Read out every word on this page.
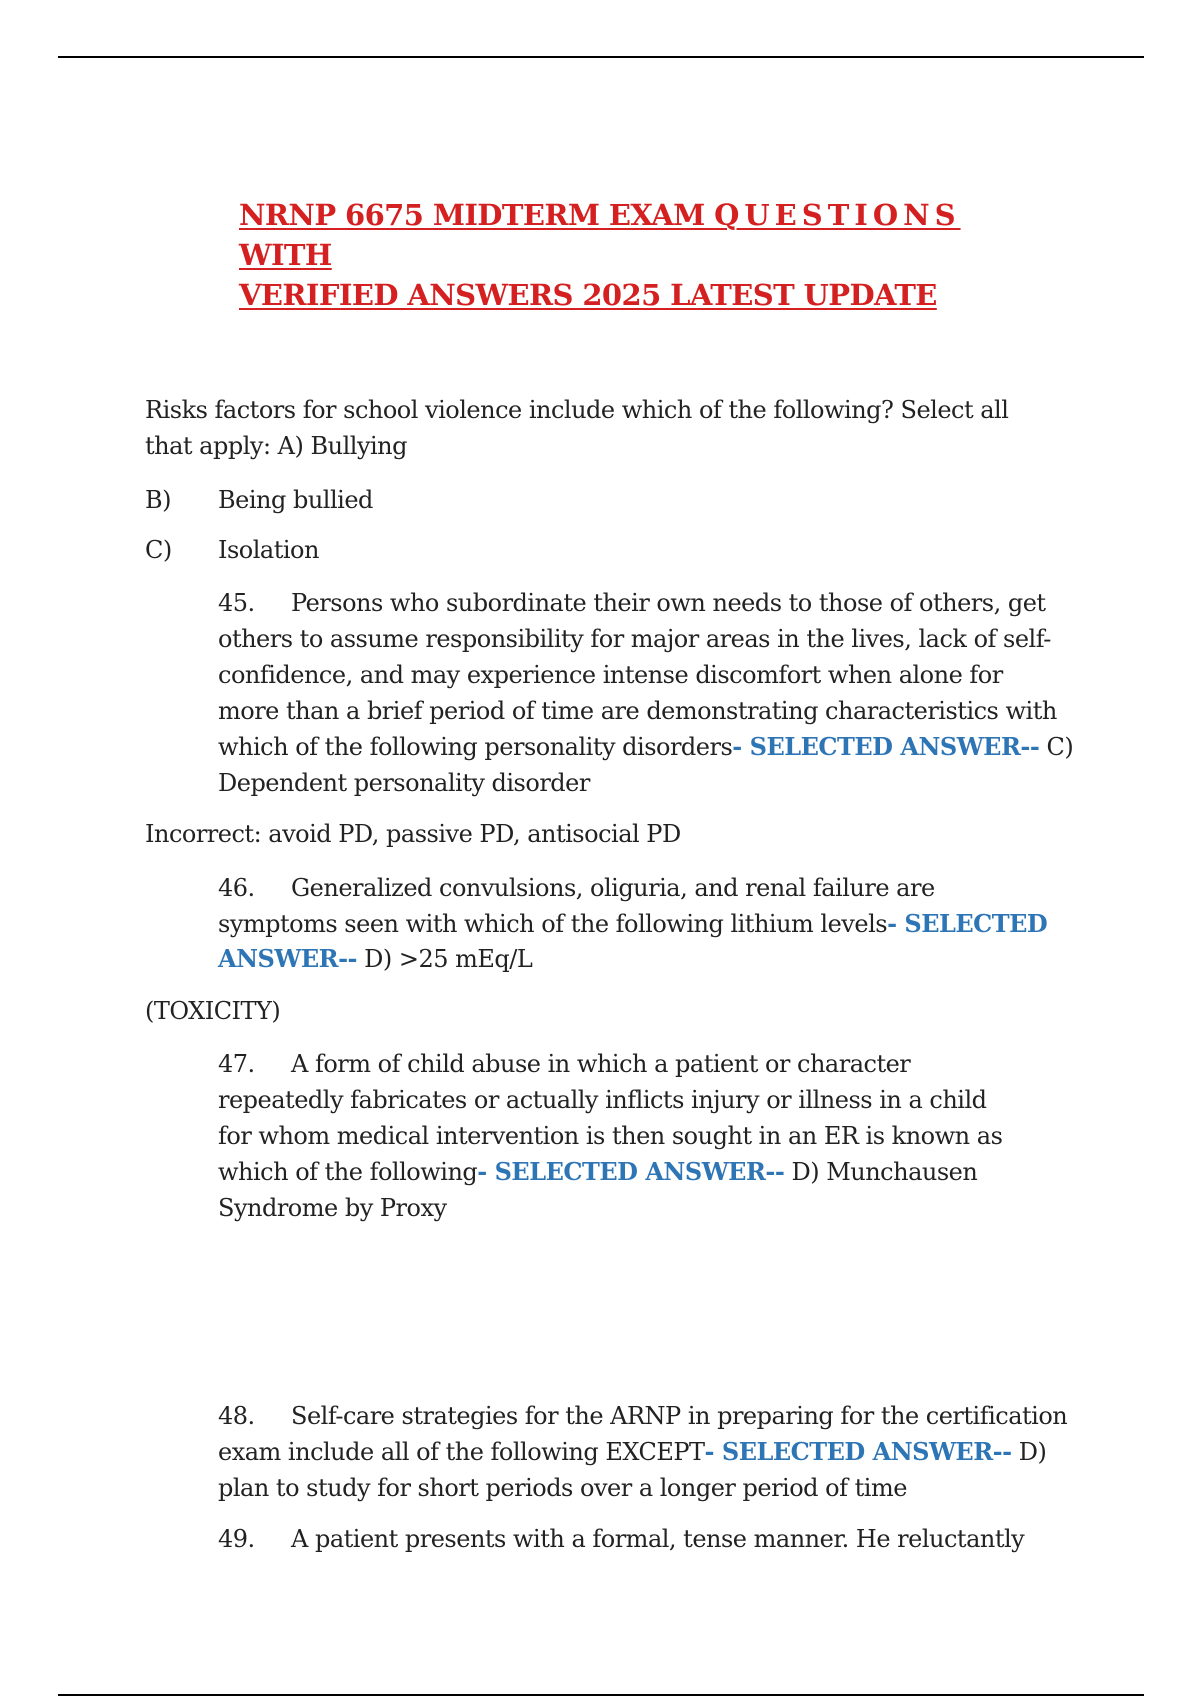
NRNP 6675 MIDTERM EXAM QUESTIONS WITH
VERIFIED ANSWERS 2025 LATEST UPDATE
Risks factors for school violence include which of the following? Select all
that apply: A) Bullying
B) Being bullied
C) Isolation
45. Persons who subordinate their own needs to those of others, get
others to assume responsibility for major areas in the lives, lack of self-
confidence, and may experience intense discomfort when alone for
more than a brief period of time are demonstrating characteristics with
which of the following personality disorders- SELECTED ANSWER-- C)
Dependent personality disorder
Incorrect: avoid PD, passive PD, antisocial PD
46. Generalized convulsions, oliguria, and renal failure are
symptoms seen with which of the following lithium levels- SELECTED
ANSWER-- D) >25 mEq/L
(TOXICITY)
47. A form of child abuse in which a patient or character
repeatedly fabricates or actually inflicts injury or illness in a child
for whom medical intervention is then sought in an ER is known as
which of the following- SELECTED ANSWER-- D) Munchausen
Syndrome by Proxy
48. Self-care strategies for the ARNP in preparing for the certification
exam include all of the following EXCEPT- SELECTED ANSWER-- D)
plan to study for short periods over a longer period of time
49. A patient presents with a formal, tense manner. He reluctantly
